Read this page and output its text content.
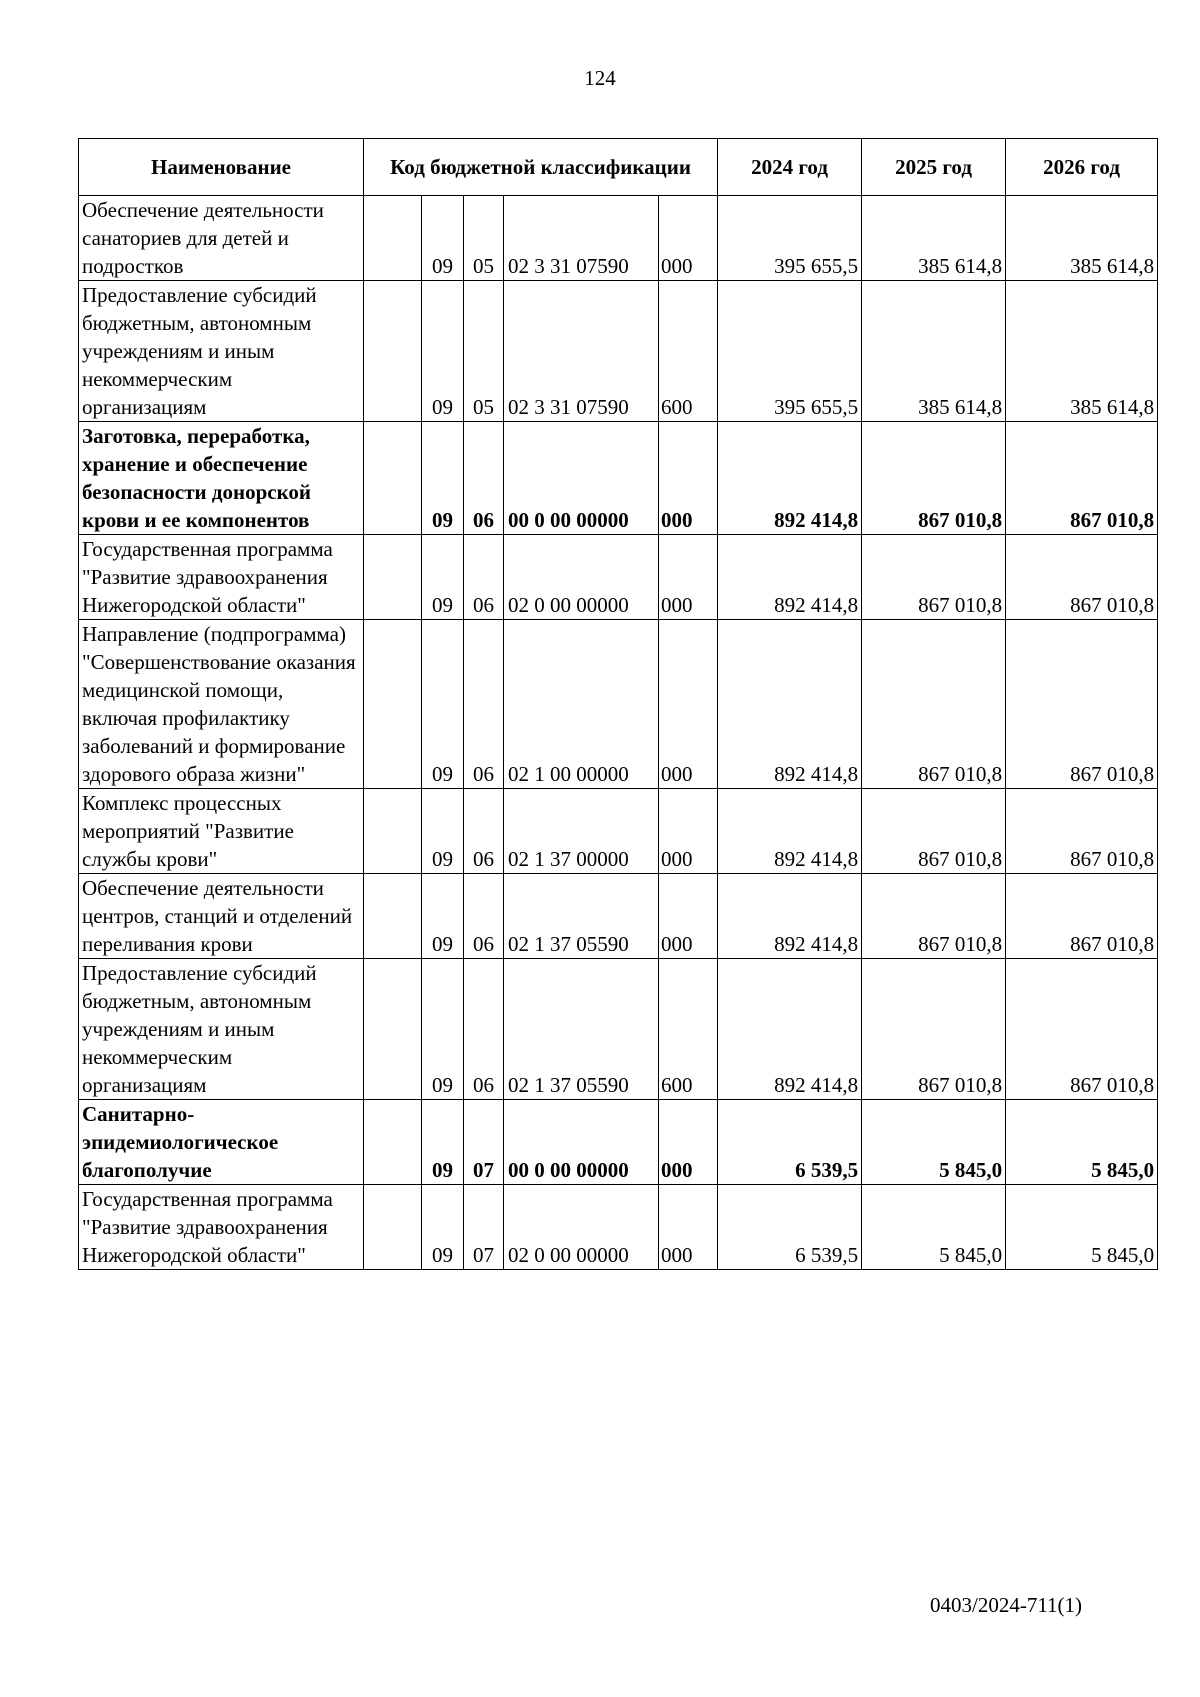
124
Наименование	Код бюджетной классификации					2024 год	2025 год	2026 год
Обеспечение деятельности санаториев для детей и подростков		09	05	02 3 31 07590	000	395 655,5	385 614,8	385 614,8
Предоставление субсидий бюджетным, автономным учреждениям и иным некоммерческим организациям		09	05	02 3 31 07590	600	395 655,5	385 614,8	385 614,8
Заготовка, переработка, хранение и обеспечение безопасности донорской крови и ее компонентов		09	06	00 0 00 00000	000	892 414,8	867 010,8	867 010,8
Государственная программа "Развитие здравоохранения Нижегородской области"		09	06	02 0 00 00000	000	892 414,8	867 010,8	867 010,8
Направление (подпрограмма) "Совершенствование оказания медицинской помощи, включая профилактику заболеваний и формирование здорового образа жизни"		09	06	02 1 00 00000	000	892 414,8	867 010,8	867 010,8
Комплекс процессных мероприятий "Развитие службы крови"		09	06	02 1 37 00000	000	892 414,8	867 010,8	867 010,8
Обеспечение деятельности центров, станций и отделений переливания крови		09	06	02 1 37 05590	000	892 414,8	867 010,8	867 010,8
Предоставление субсидий бюджетным, автономным учреждениям и иным некоммерческим организациям		09	06	02 1 37 05590	600	892 414,8	867 010,8	867 010,8
Санитарно-эпидемиологическое благополучие		09	07	00 0 00 00000	000	6 539,5	5 845,0	5 845,0
Государственная программа "Развитие здравоохранения Нижегородской области"		09	07	02 0 00 00000	000	6 539,5	5 845,0	5 845,0
0403/2024-711(1)
